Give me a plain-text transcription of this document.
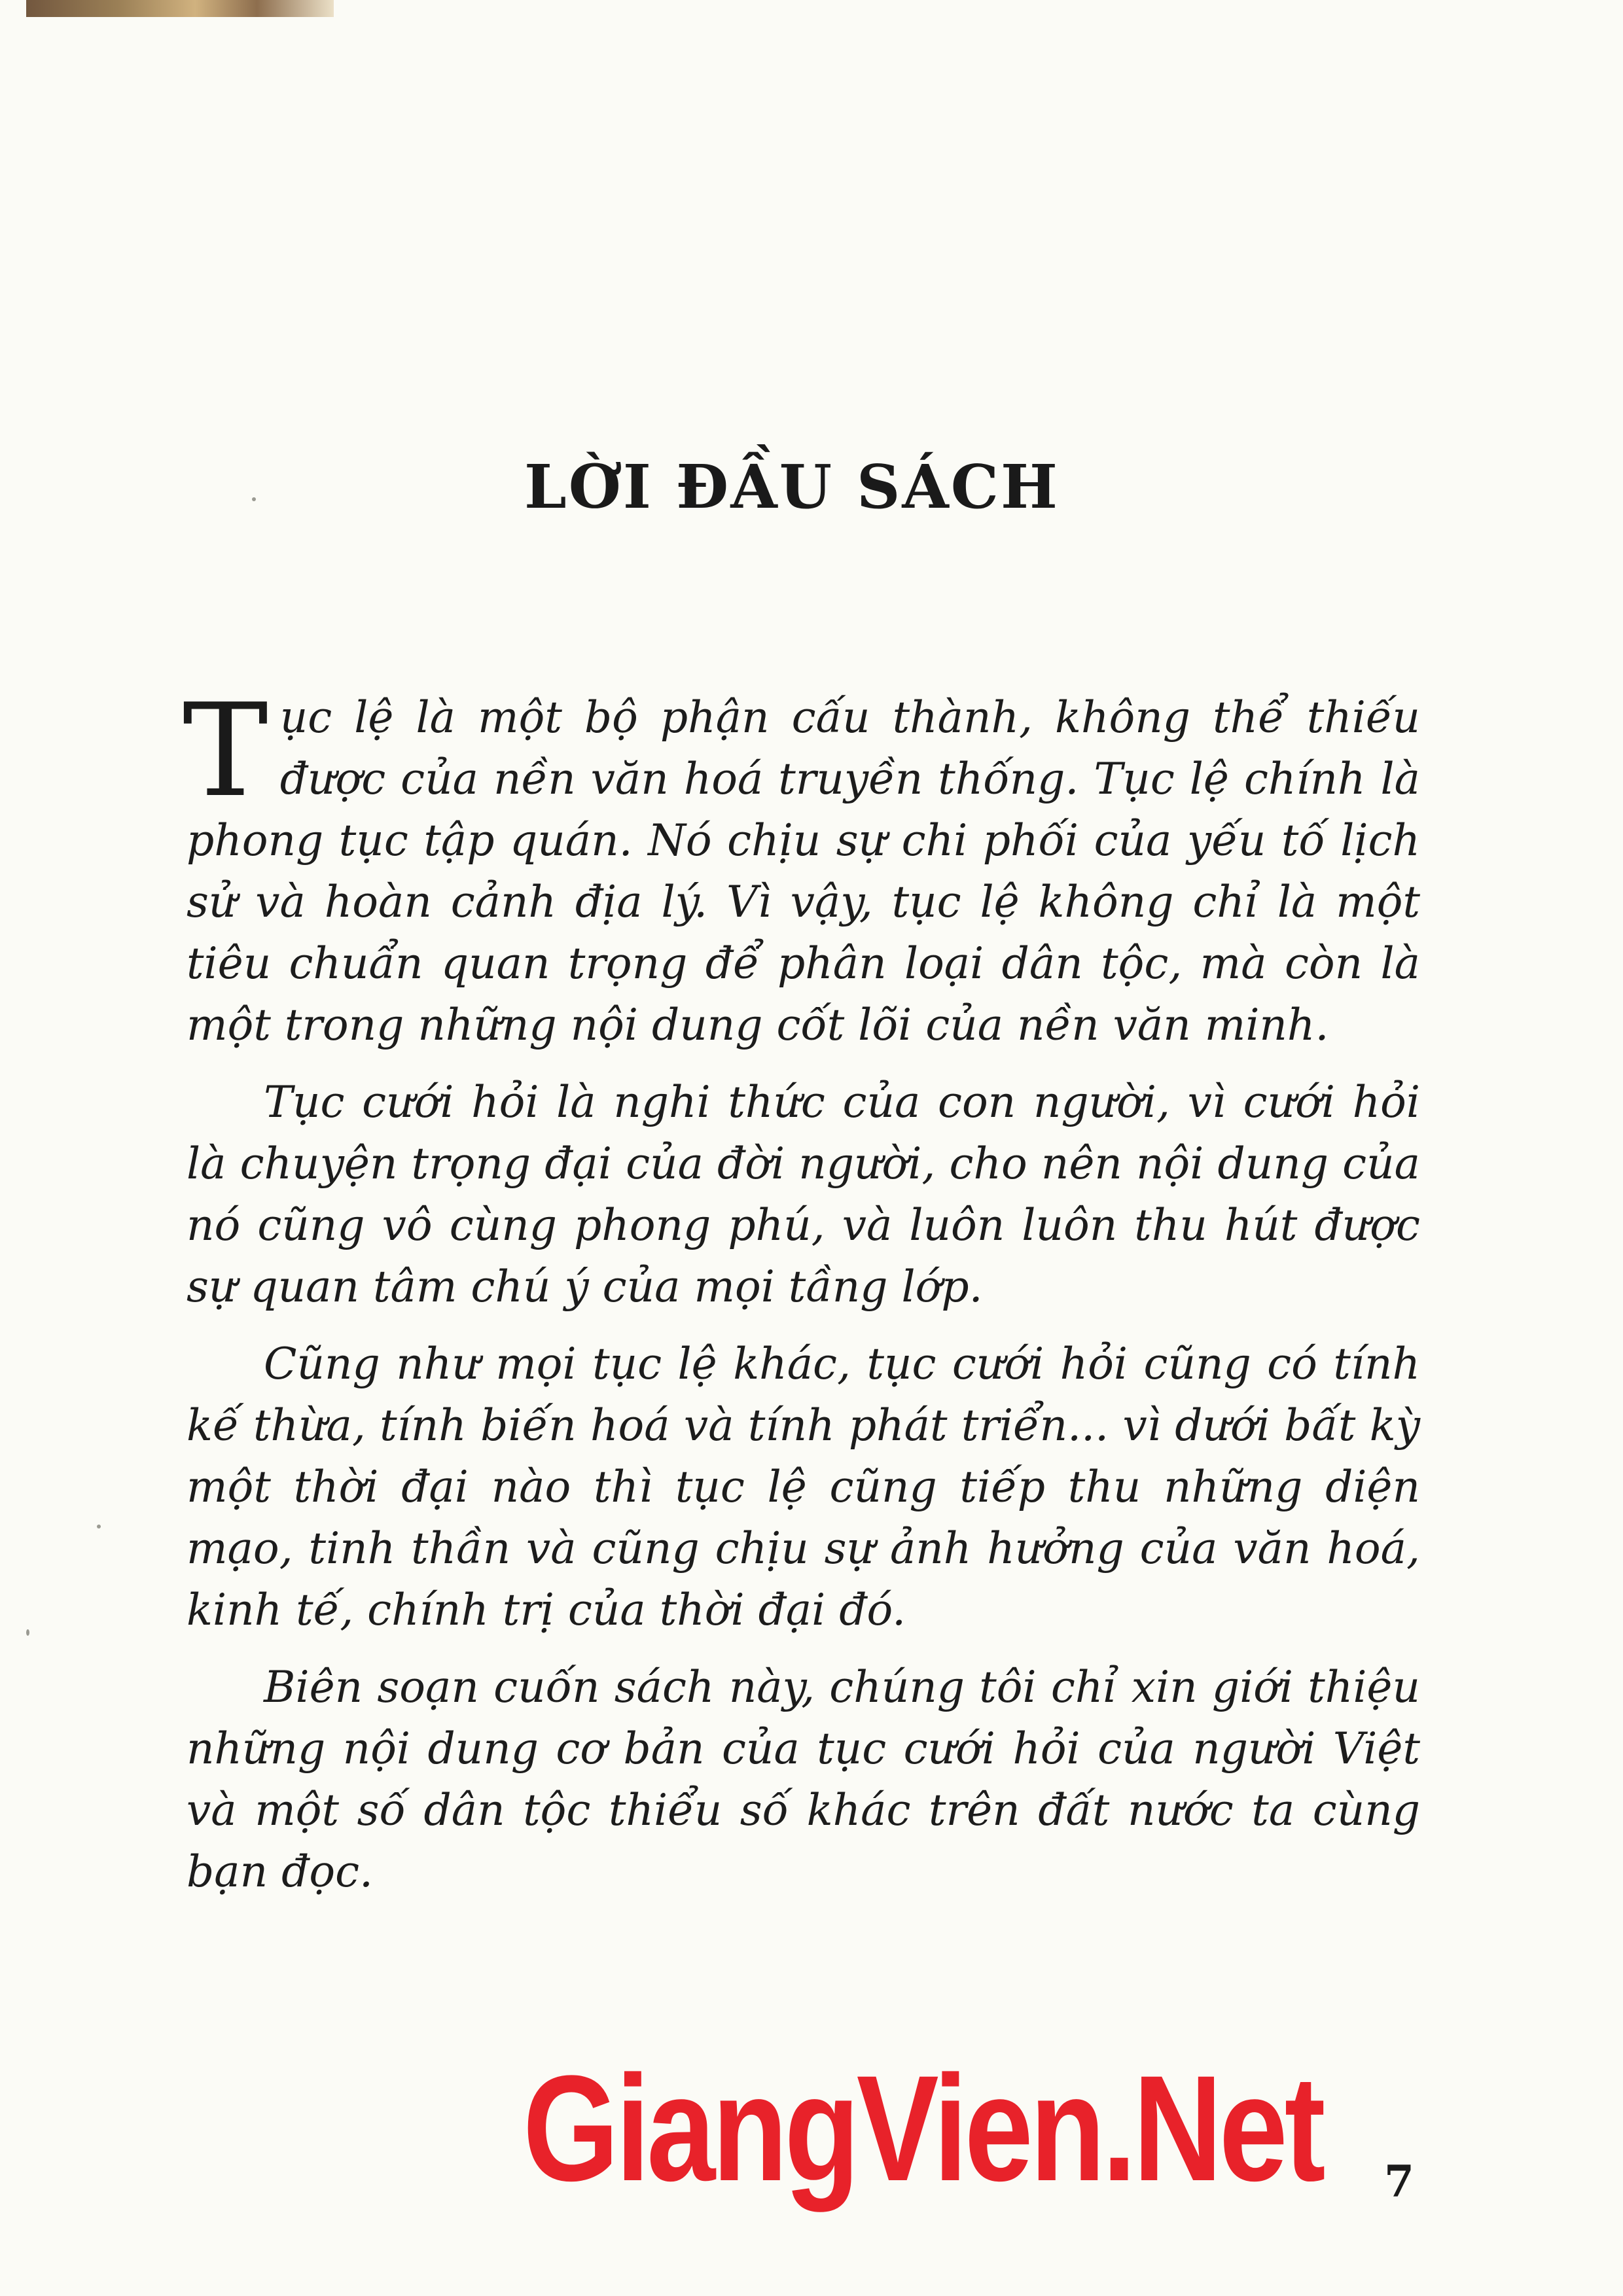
LỜI ĐẦU SÁCH

Tục lệ là một bộ phận cấu thành, không thể thiếu được của nền văn hoá truyền thống. Tục lệ chính là phong tục tập quán. Nó chịu sự chi phối của yếu tố lịch sử và hoàn cảnh địa lý. Vì vậy, tục lệ không chỉ là một tiêu chuẩn quan trọng để phân loại dân tộc, mà còn là một trong những nội dung cốt lõi của nền văn minh.

Tục cưới hỏi là nghi thức của con người, vì cưới hỏi là chuyện trọng đại của đời người, cho nên nội dung của nó cũng vô cùng phong phú, và luôn luôn thu hút được sự quan tâm chú ý của mọi tầng lớp.

Cũng như mọi tục lệ khác, tục cưới hỏi cũng có tính kế thừa, tính biến hoá và tính phát triển... vì dưới bất kỳ một thời đại nào thì tục lệ cũng tiếp thu những diện mạo, tinh thần và cũng chịu sự ảnh hưởng của văn hoá, kinh tế, chính trị của thời đại đó.

Biên soạn cuốn sách này, chúng tôi chỉ xin giới thiệu những nội dung cơ bản của tục cưới hỏi của người Việt và một số dân tộc thiểu số khác trên đất nước ta cùng bạn đọc.

GiangVien.Net 7
